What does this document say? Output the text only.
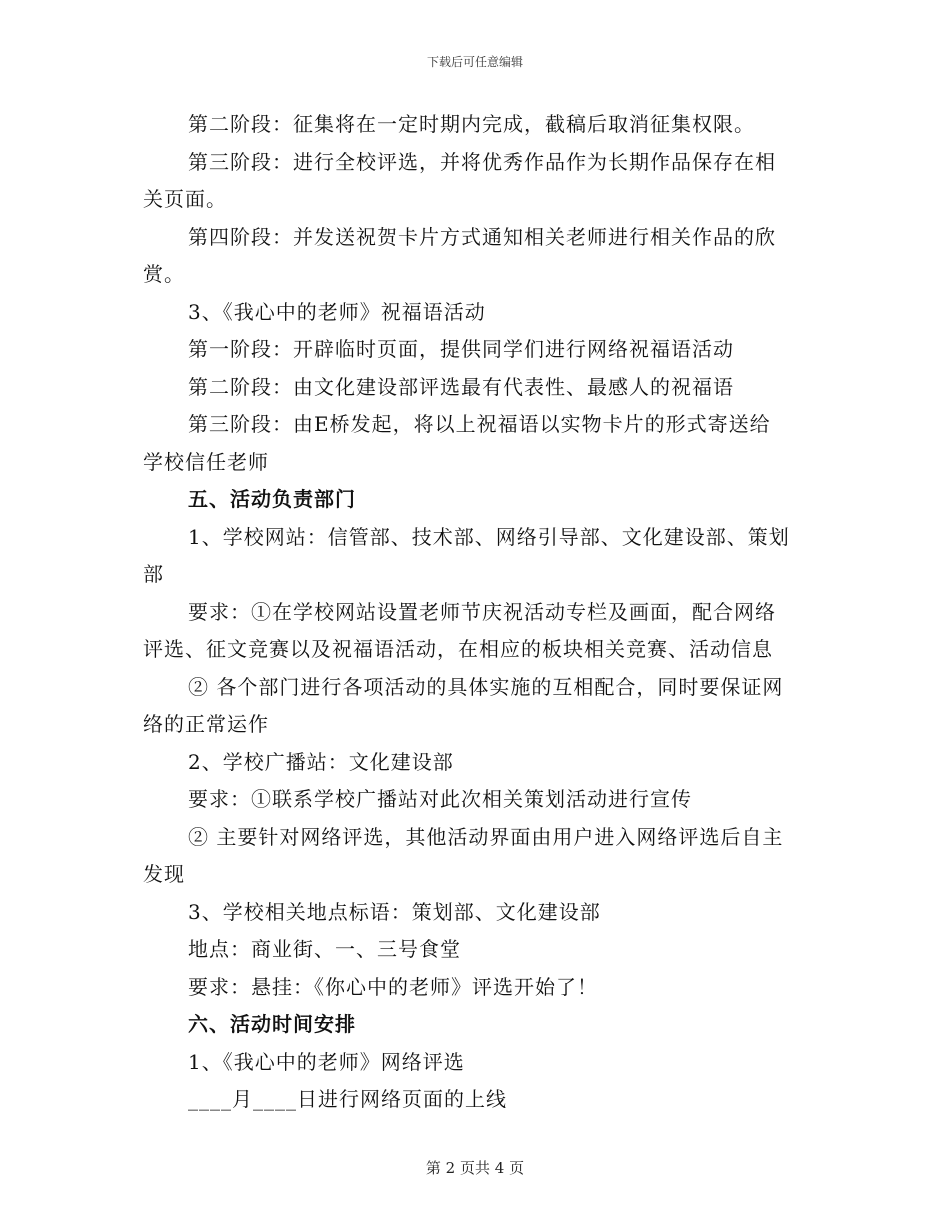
下载后可任意编辑

第二阶段：征集将在一定时期内完成，截稿后取消征集权限。

第三阶段：进行全校评选，并将优秀作品作为长期作品保存在相

关页面。

第四阶段：并发送祝贺卡片方式通知相关老师进行相关作品的欣

赏。

3、《我心中的老师》祝福语活动

第一阶段：开辟临时页面，提供同学们进行网络祝福语活动

第二阶段：由文化建设部评选最有代表性、最感人的祝福语

第三阶段：由E桥发起，将以上祝福语以实物卡片的形式寄送给

学校信任老师

五、活动负责部门

1、学校网站：信管部、技术部、网络引导部、文化建设部、策划

部

要求：①在学校网站设置老师节庆祝活动专栏及画面，配合网络

评选、征文竞赛以及祝福语活动，在相应的板块相关竞赛、活动信息

② 各个部门进行各项活动的具体实施的互相配合，同时要保证网

络的正常运作

2、学校广播站：文化建设部

要求：①联系学校广播站对此次相关策划活动进行宣传

② 主要针对网络评选，其他活动界面由用户进入网络评选后自主

发现

3、学校相关地点标语：策划部、文化建设部

地点：商业街、一、三号食堂

要求：悬挂：《你心中的老师》评选开始了！

六、活动时间安排

1、《我心中的老师》网络评选

____月____日进行网络页面的上线

第 2 页共 4 页
